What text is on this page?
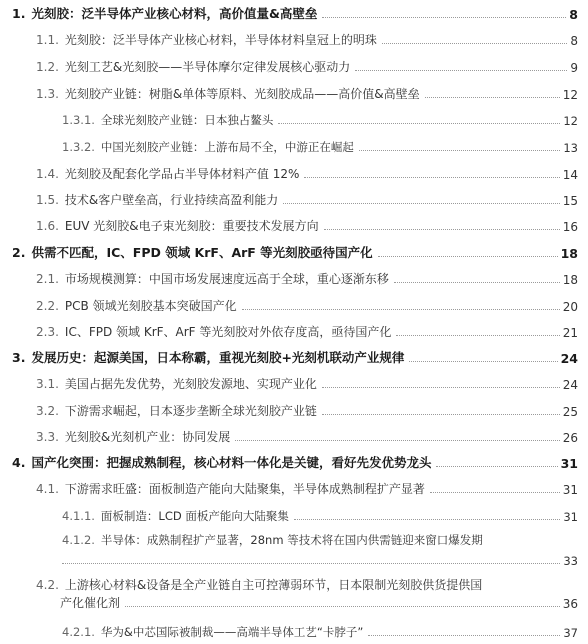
1. 光刻胶：泛半导体产业核心材料，高价值量&高壁垒	8
1.1. 光刻胶：泛半导体产业核心材料，半导体材料皇冠上的明珠	8
1.2. 光刻工艺&光刻胶——半导体摩尔定律发展核心驱动力	9
1.3. 光刻胶产业链：树脂&单体等原料、光刻胶成品——高价值&高壁垒	12
1.3.1. 全球光刻胶产业链：日本独占鳌头	12
1.3.2. 中国光刻胶产业链：上游布局不全，中游正在崛起	13
1.4. 光刻胶及配套化学品占半导体材料产值 12%	14
1.5. 技术&客户壁垒高，行业持续高盈利能力	15
1.6. EUV 光刻胶&电子束光刻胶：重要技术发展方向	16
2. 供需不匹配，IC、FPD 领域 KrF、ArF 等光刻胶亟待国产化	18
2.1. 市场规模测算：中国市场发展速度远高于全球，重心逐渐东移	18
2.2. PCB 领域光刻胶基本突破国产化	20
2.3. IC、FPD 领域 KrF、ArF 等光刻胶对外依存度高，亟待国产化	21
3. 发展历史：起源美国，日本称霸，重视光刻胶+光刻机联动产业规律	24
3.1. 美国占据先发优势，光刻胶发源地、实现产业化	24
3.2. 下游需求崛起，日本逐步垄断全球光刻胶产业链	25
3.3. 光刻胶&光刻机产业：协同发展	26
4. 国产化突围：把握成熟制程，核心材料一体化是关键，看好先发优势龙头	31
4.1. 下游需求旺盛：面板制造产能向大陆聚集，半导体成熟制程扩产显著	31
4.1.1. 面板制造：LCD 面板产能向大陆聚集	31
4.1.2. 半导体：成熟制程扩产显著，28nm 等技术将在国内供需链迎来窗口爆发期
33
4.2. 上游核心材料&设备是全产业链自主可控薄弱环节，日本限制光刻胶供货提供国
产化催化剂	36
4.2.1. 华为&中芯国际被制裁——高端半导体工艺“卡脖子”	37
